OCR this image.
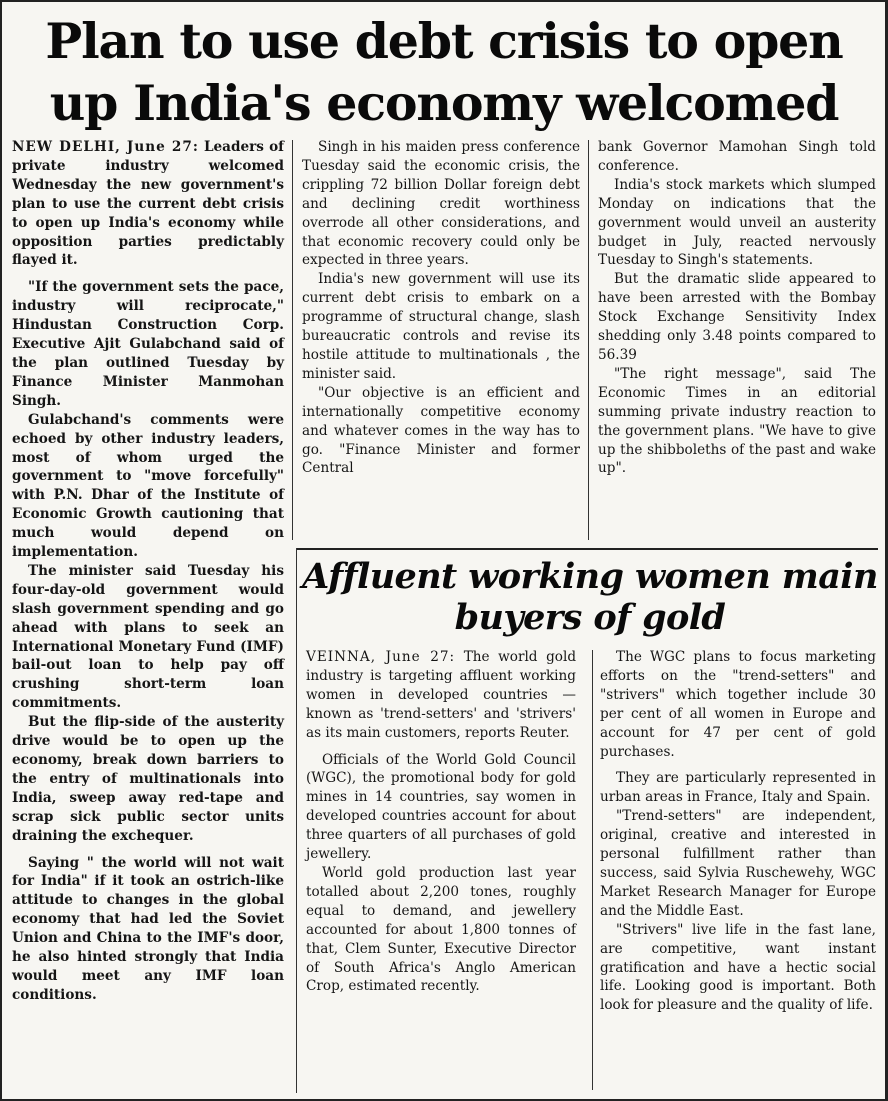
Plan to use debt crisis to open up India's economy welcomed

NEW DELHI, June 27: Leaders of private industry welcomed Wednesday the new government's plan to use the current debt crisis to open up India's economy while opposition parties predictably flayed it.

"If the government sets the pace, industry will reciprocate," Hindustan Construction Corp. Executive Ajit Gulabchand said of the plan outlined Tuesday by Finance Minister Manmohan Singh.

Gulabchand's comments were echoed by other industry leaders, most of whom urged the government to "move forcefully" with P.N. Dhar of the Institute of Economic Growth cautioning that much would depend on implementation.

The minister said Tuesday his four-day-old government would slash government spending and go ahead with plans to seek an International Monetary Fund (IMF) bail-out loan to help pay off crushing short-term loan commitments.

But the flip-side of the austerity drive would be to open up the economy, break down barriers to the entry of multinationals into India, sweep away red-tape and scrap sick public sector units draining the exchequer.

Saying " the world will not wait for India" if it took an ostrich-like attitude to changes in the global economy that had led the Soviet Union and China to the IMF's door, he also hinted strongly that India would meet any IMF loan conditions.

Singh in his maiden press conference Tuesday said the economic crisis, the crippling 72 billion Dollar foreign debt and declining credit worthiness overrode all other considerations, and that economic recovery could only be expected in three years.

India's new government will use its current debt crisis to embark on a programme of structural change, slash bureaucratic controls and revise its hostile attitude to multinationals , the minister said.

"Our objective is an efficient and internationally competitive economy and whatever comes in the way has to go. "Finance Minister and former Central

bank Governor Mamohan Singh told conference.

India's stock markets which slumped Monday on indications that the government would unveil an austerity budget in July, reacted nervously Tuesday to Singh's statements.

But the dramatic slide appeared to have been arrested with the Bombay Stock Exchange Sensitivity Index shedding only 3.48 points compared to 56.39

"The right message", said The Economic Times in an editorial summing private industry reaction to the government plans. "We have to give up the shibboleths of the past and wake up".

Affluent working women main buyers of gold

VEINNA, June 27: The world gold industry is targeting affluent working women in developed countries — known as 'trend-setters' and 'strivers' as its main customers, reports Reuter.

Officials of the World Gold Council (WGC), the promotional body for gold mines in 14 countries, say women in developed countries account for about three quarters of all purchases of gold jewellery.

World gold production last year totalled about 2,200 tones, roughly equal to demand, and jewellery accounted for about 1,800 tonnes of that, Clem Sunter, Executive Director of South Africa's Anglo American Crop, estimated recently.

The WGC plans to focus marketing efforts on the "trend-setters" and "strivers" which together include 30 per cent of all women in Europe and account for 47 per cent of gold purchases.

They are particularly represented in urban areas in France, Italy and Spain.

"Trend-setters" are independent, original, creative and interested in personal fulfillment rather than success, said Sylvia Ruschewehy, WGC Market Research Manager for Europe and the Middle East.

"Strivers" live life in the fast lane, are competitive, want instant gratification and have a hectic social life. Looking good is important. Both look for pleasure and the quality of life.
